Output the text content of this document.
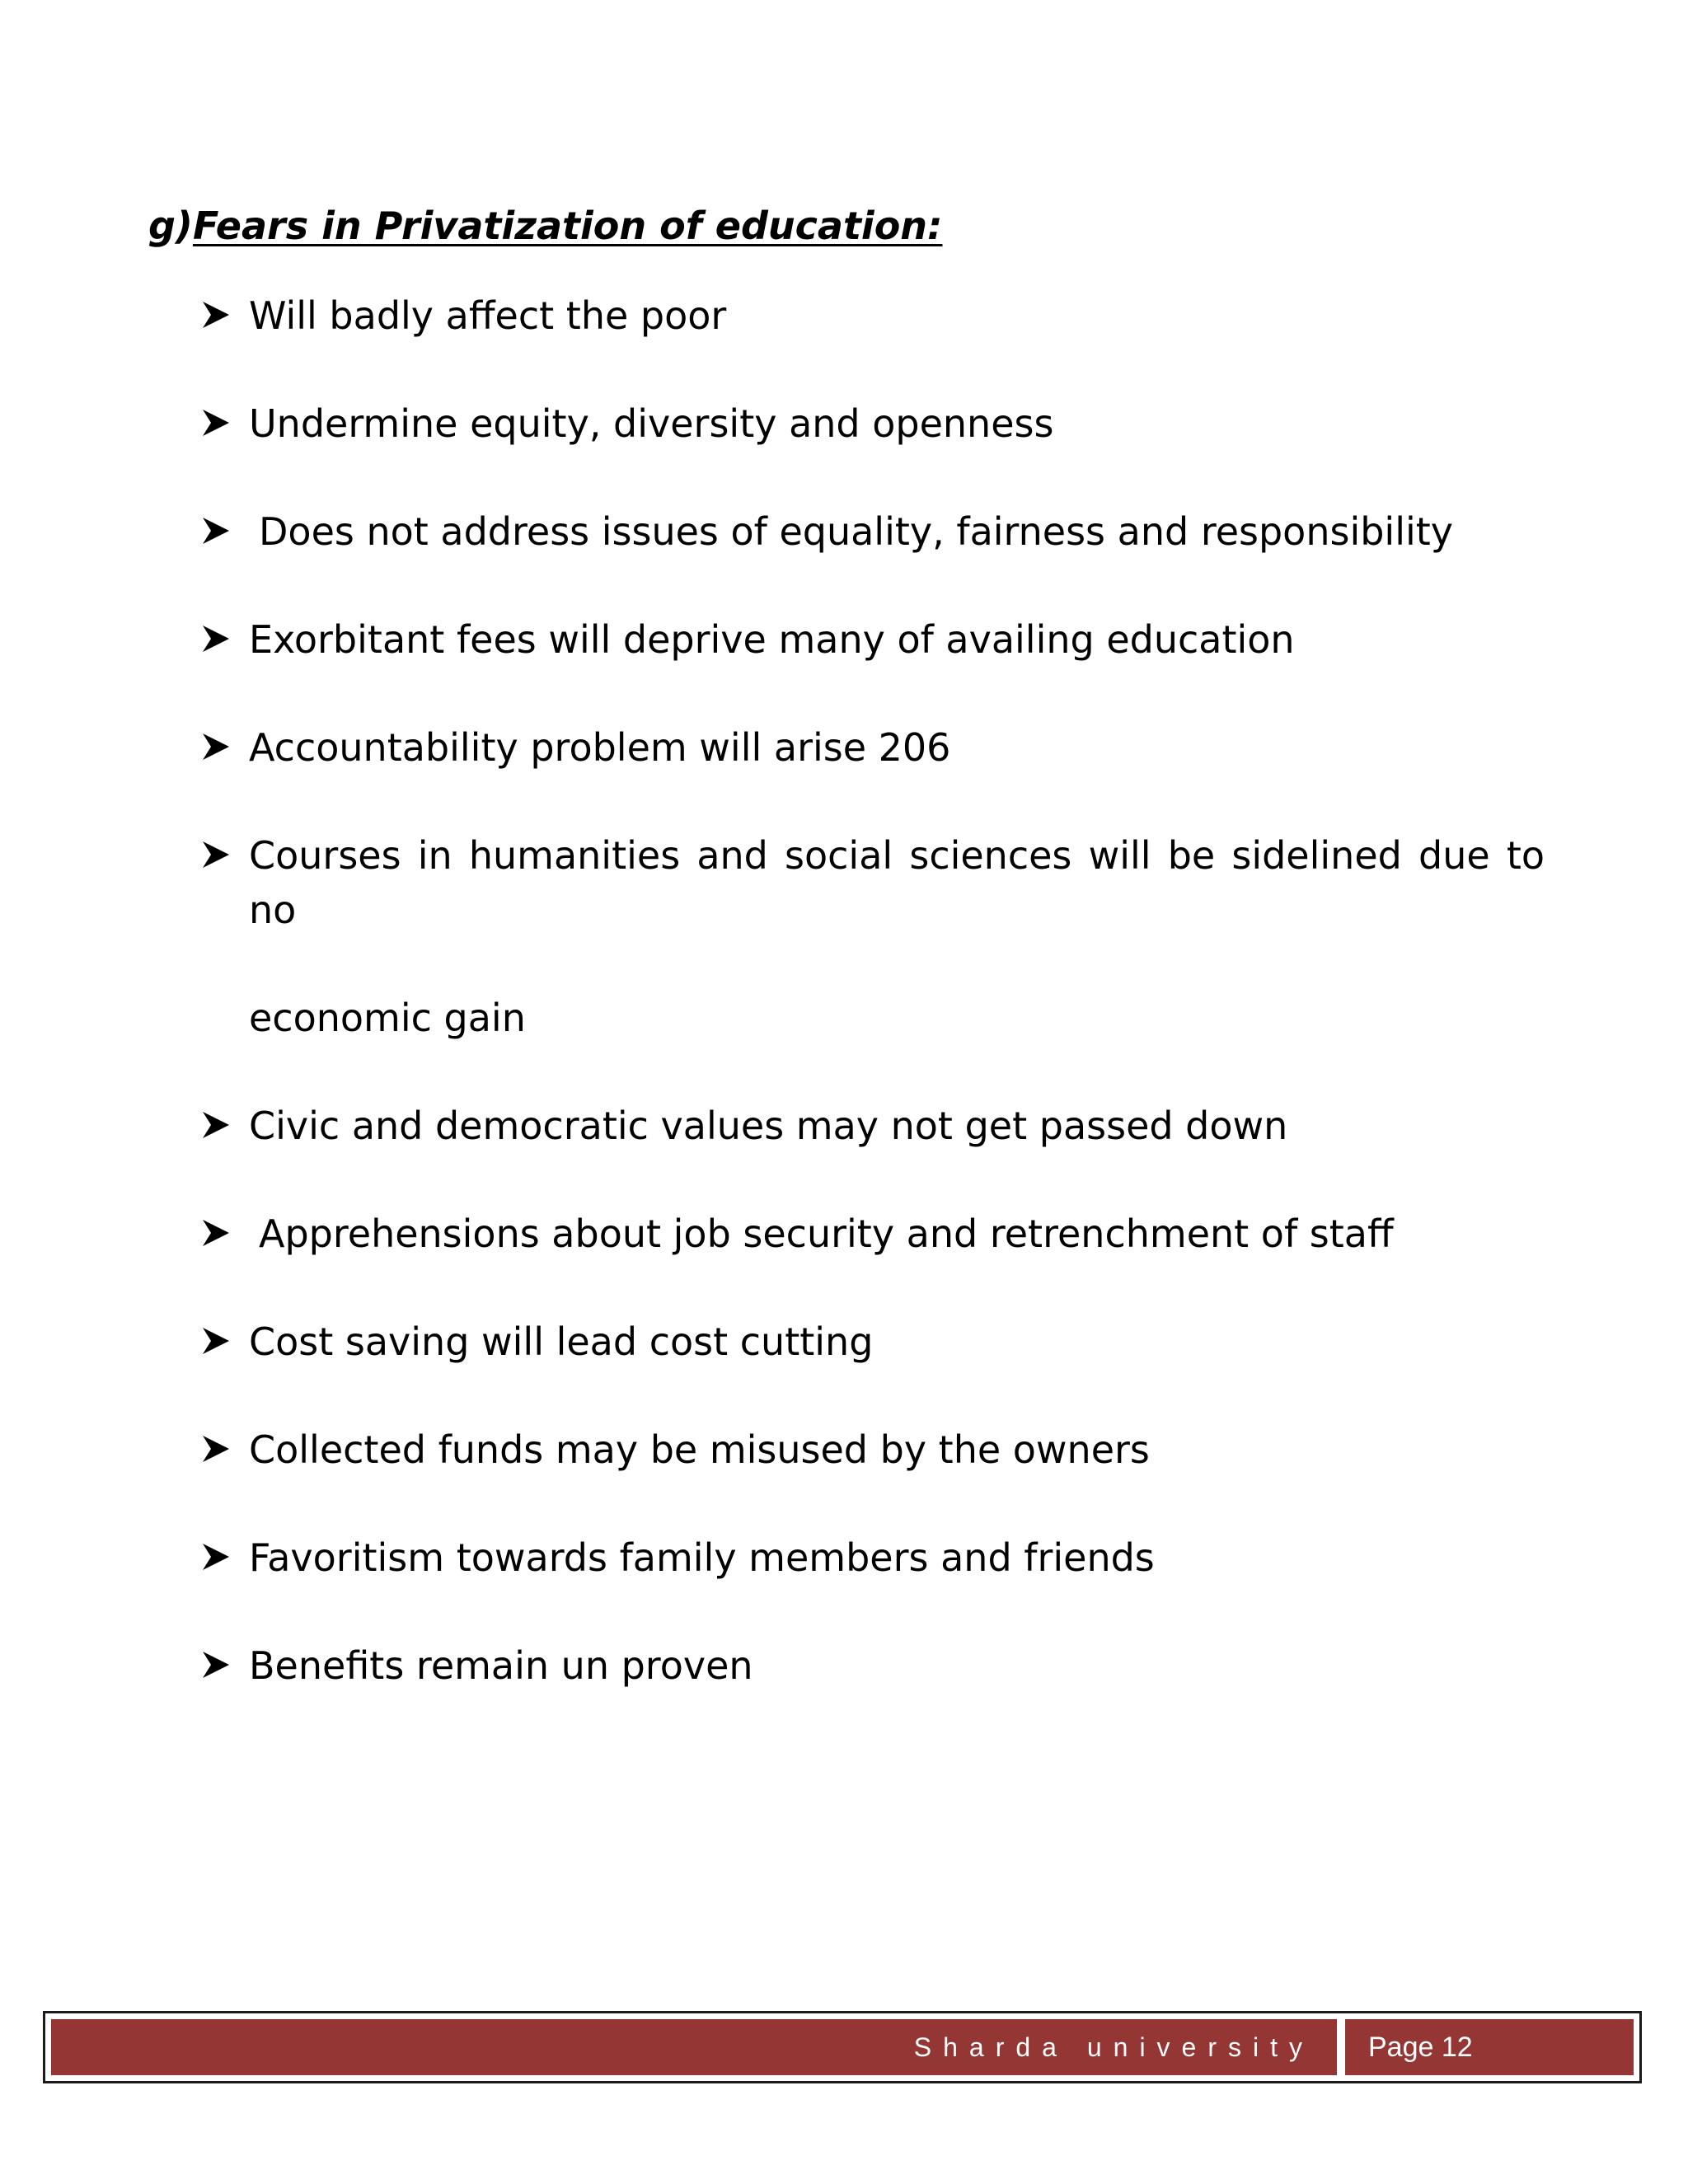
g)Fears in Privatization of education:
Will badly affect the poor
Undermine equity, diversity and openness
Does not address issues of equality, fairness and responsibility
Exorbitant fees will deprive many of availing education
Accountability problem will arise 206
Courses in humanities and social sciences will be sidelined due to no
economic gain
Civic and democratic values may not get passed down
Apprehensions about job security and retrenchment of staff
Cost saving will lead cost cutting
Collected funds may be misused by the owners
Favoritism towards family members and friends
Benefits remain un proven
Sharda university Page 12
